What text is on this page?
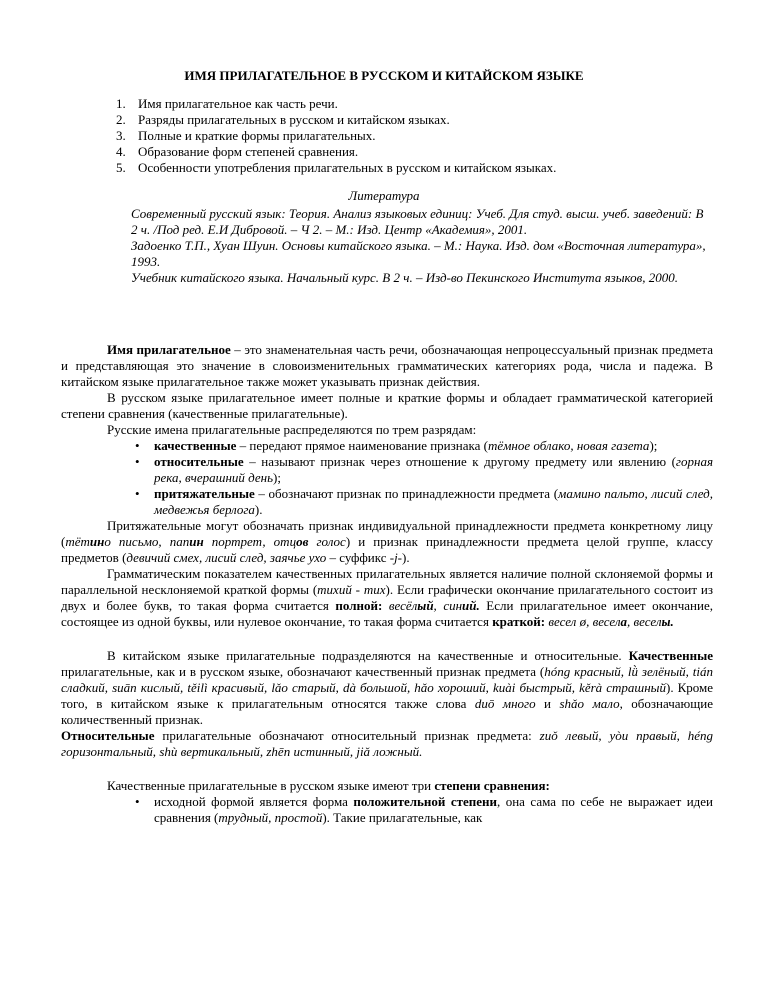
ИМЯ ПРИЛАГАТЕЛЬНОЕ В РУССКОМ И КИТАЙСКОМ ЯЗЫКЕ
1. Имя прилагательное как часть речи.
2. Разряды прилагательных в русском и китайском языках.
3. Полные и краткие формы прилагательных.
4. Образование форм степеней сравнения.
5. Особенности употребления прилагательных в русском и китайском языках.
Литература

Современный русский язык: Теория. Анализ языковых единиц: Учеб. Для студ. высш. учеб. заведений: В 2 ч. /Под ред. Е.И Дибровой. – Ч 2. – М.: Изд. Центр «Академия», 2001.

Задоенко Т.П., Хуан Шуин. Основы китайского языка. – М.: Наука. Изд. дом «Восточная литература», 1993.

Учебник китайского языка. Начальный курс. В 2 ч. – Изд-во Пекинского Института языков, 2000.

Имя прилагательное – это знаменательная часть речи, обозначающая непроцессуальный признак предмета и представляющая это значение в словоизменительных грамматических категориях рода, числа и падежа. В китайском языке прилагательное также может указывать признак действия.

В русском языке прилагательное имеет полные и краткие формы и обладает грамматической категорией степени сравнения (качественные прилагательные).

Русские имена прилагательные распределяются по трем разрядам:

• качественные – передают прямое наименование признака (тёмное облако, новая газета);
• относительные – называют признак через отношение к другому предмету или явлению (горная река, вчерашний день);
• притяжательные – обозначают признак по принадлежности предмета (мамино пальто, лисий след, медвежья берлога).

Притяжательные могут обозначать признак индивидуальной принадлежности предмета конкретному лицу (тётино письмо, папин портрет, отцов голос) и признак принадлежности предмета целой группе, классу предметов (девичий смех, лисий след, заячье ухо – суффикс -j-).

Грамматическим показателем качественных прилагательных является наличие полной склоняемой формы и параллельной несклоняемой краткой формы (тихий - тих). Если графически окончание прилагательного состоит из двух и более букв, то такая форма считается полной: весёлый, синий. Если прилагательное имеет окончание, состоящее из одной буквы, или нулевое окончание, то такая форма считается краткой: весел ø, весела, веселы.

В китайском языке прилагательные подразделяются на качественные и относительные. Качественные прилагательные, как и в русском языке, обозначают качественный признак предмета (hóng красный, lǜ зелёный, tián сладкий, suān кислый, těilì красивый, lǎo старый, dà большой, hǎo хороший, kuài быстрый, kěrà страшный). Кроме того, в китайском языке к прилагательным относятся также слова duō много и shǎo мало, обозначающие количественный признак.

Относительные прилагательные обозначают относительный признак предмета: zuǒ левый, yòu правый, héng горизонтальный, shù вертикальный, zhēn истинный, jiǎ ложный.

Качественные прилагательные в русском языке имеют три степени сравнения:

• исходной формой является форма положительной степени, она сама по себе не выражает идеи сравнения (трудный, простой). Такие прилагательные, как
